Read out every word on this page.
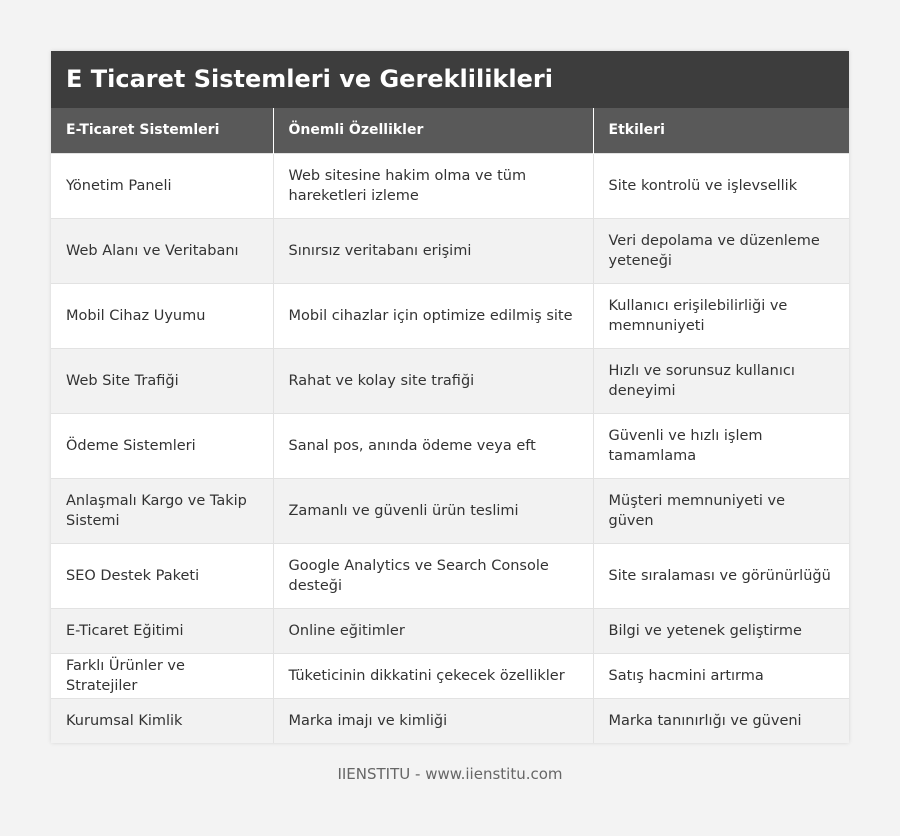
E Ticaret Sistemleri ve Gereklilikleri
E-Ticaret Sistemleri	Önemli Özellikler	Etkileri
Yönetim Paneli	Web sitesine hakim olma ve tüm hareketleri izleme	Site kontrolü ve işlevsellik
Web Alanı ve Veritabanı	Sınırsız veritabanı erişimi	Veri depolama ve düzenleme yeteneği
Mobil Cihaz Uyumu	Mobil cihazlar için optimize edilmiş site	Kullanıcı erişilebilirliği ve memnuniyeti
Web Site Trafiği	Rahat ve kolay site trafiği	Hızlı ve sorunsuz kullanıcı deneyimi
Ödeme Sistemleri	Sanal pos, anında ödeme veya eft	Güvenli ve hızlı işlem tamamlama
Anlaşmalı Kargo ve Takip Sistemi	Zamanlı ve güvenli ürün teslimi	Müşteri memnuniyeti ve güven
SEO Destek Paketi	Google Analytics ve Search Console desteği	Site sıralaması ve görünürlüğü
E-Ticaret Eğitimi	Online eğitimler	Bilgi ve yetenek geliştirme
Farklı Ürünler ve Stratejiler	Tüketicinin dikkatini çekecek özellikler	Satış hacmini artırma
Kurumsal Kimlik	Marka imajı ve kimliği	Marka tanınırlığı ve güveni
IIENSTITU - www.iienstitu.com
